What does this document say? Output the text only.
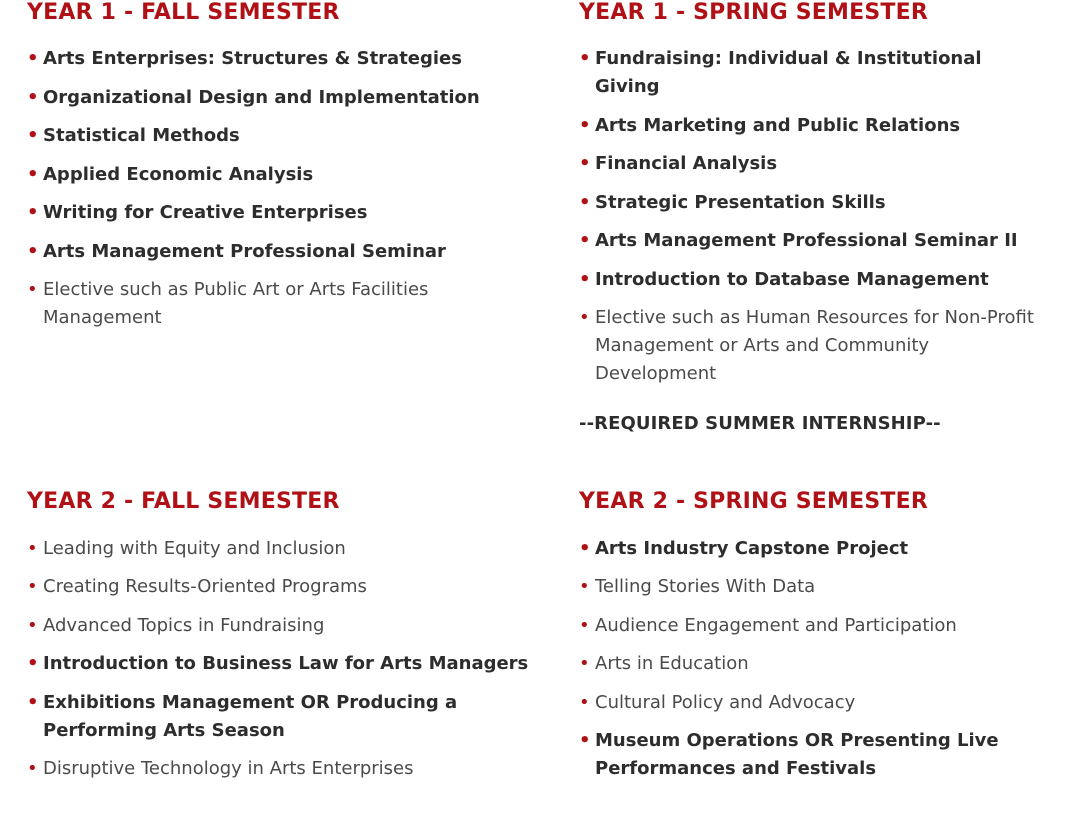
YEAR 1 - FALL SEMESTER
• Arts Enterprises: Structures & Strategies
• Organizational Design and Implementation
• Statistical Methods
• Applied Economic Analysis
• Writing for Creative Enterprises
• Arts Management Professional Seminar
• Elective such as Public Art or Arts Facilities Management
YEAR 1 - SPRING SEMESTER
• Fundraising: Individual & Institutional Giving
• Arts Marketing and Public Relations
• Financial Analysis
• Strategic Presentation Skills
• Arts Management Professional Seminar II
• Introduction to Database Management
• Elective such as Human Resources for Non-Profit Management or Arts and Community Development
--REQUIRED SUMMER INTERNSHIP--
YEAR 2 - FALL SEMESTER
• Leading with Equity and Inclusion
• Creating Results-Oriented Programs
• Advanced Topics in Fundraising
• Introduction to Business Law for Arts Managers
• Exhibitions Management OR Producing a Performing Arts Season
• Disruptive Technology in Arts Enterprises
YEAR 2 - SPRING SEMESTER
• Arts Industry Capstone Project
• Telling Stories With Data
• Audience Engagement and Participation
• Arts in Education
• Cultural Policy and Advocacy
• Museum Operations OR Presenting Live Performances and Festivals
